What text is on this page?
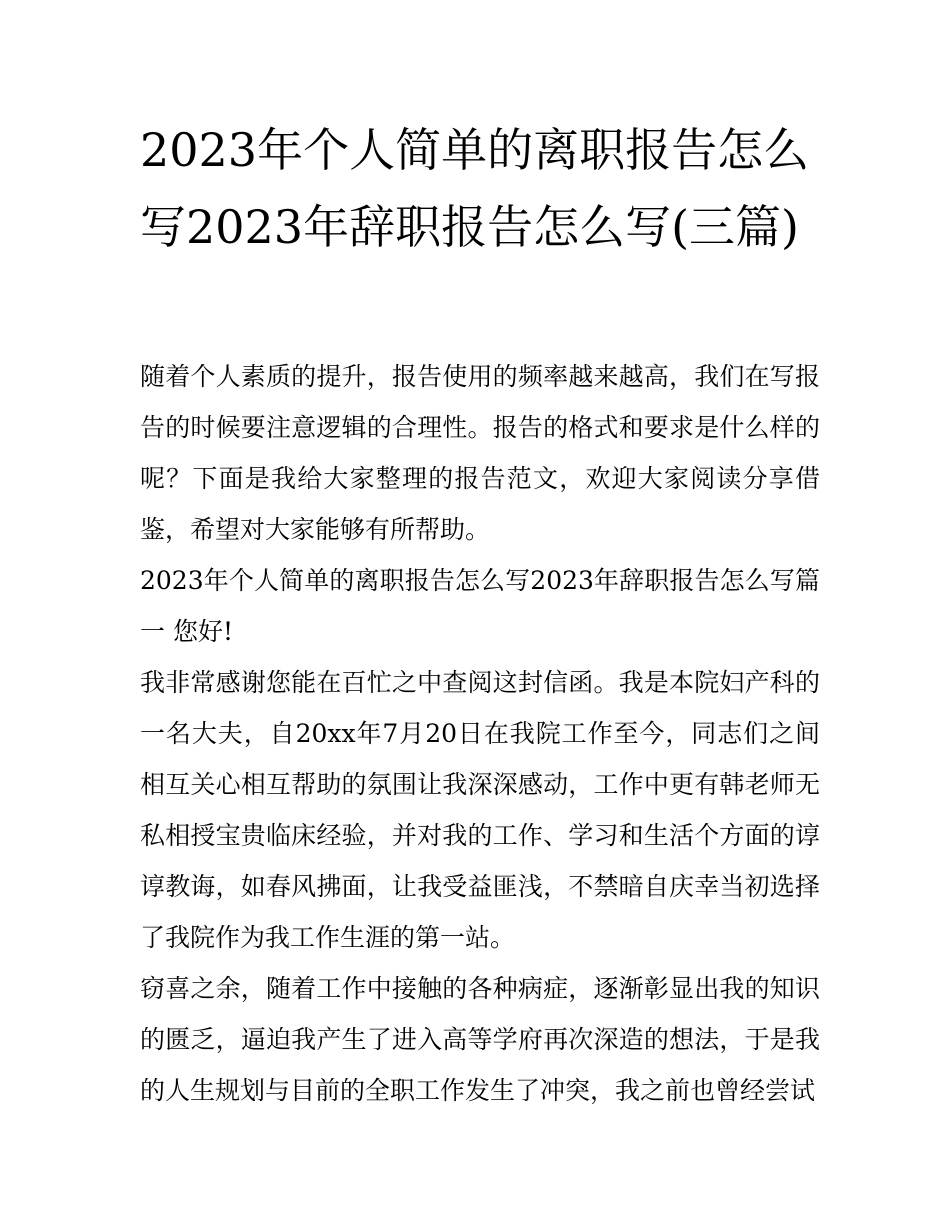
2023年个人简单的离职报告怎么写2023年辞职报告怎么写(三篇)

随着个人素质的提升，报告使用的频率越来越高，我们在写报告的时候要注意逻辑的合理性。报告的格式和要求是什么样的呢？下面是我给大家整理的报告范文，欢迎大家阅读分享借鉴，希望对大家能够有所帮助。

2023年个人简单的离职报告怎么写2023年辞职报告怎么写篇一 您好!

我非常感谢您能在百忙之中查阅这封信函。我是本院妇产科的一名大夫，自20xx年7月20日在我院工作至今，同志们之间相互关心相互帮助的氛围让我深深感动，工作中更有韩老师无私相授宝贵临床经验，并对我的工作、学习和生活个方面的谆谆教诲，如春风拂面，让我受益匪浅，不禁暗自庆幸当初选择了我院作为我工作生涯的第一站。

窃喜之余，随着工作中接触的各种病症，逐渐彰显出我的知识的匮乏，逼迫我产生了进入高等学府再次深造的想法，于是我的人生规划与目前的全职工作发生了冲突，我之前也曾经尝试
